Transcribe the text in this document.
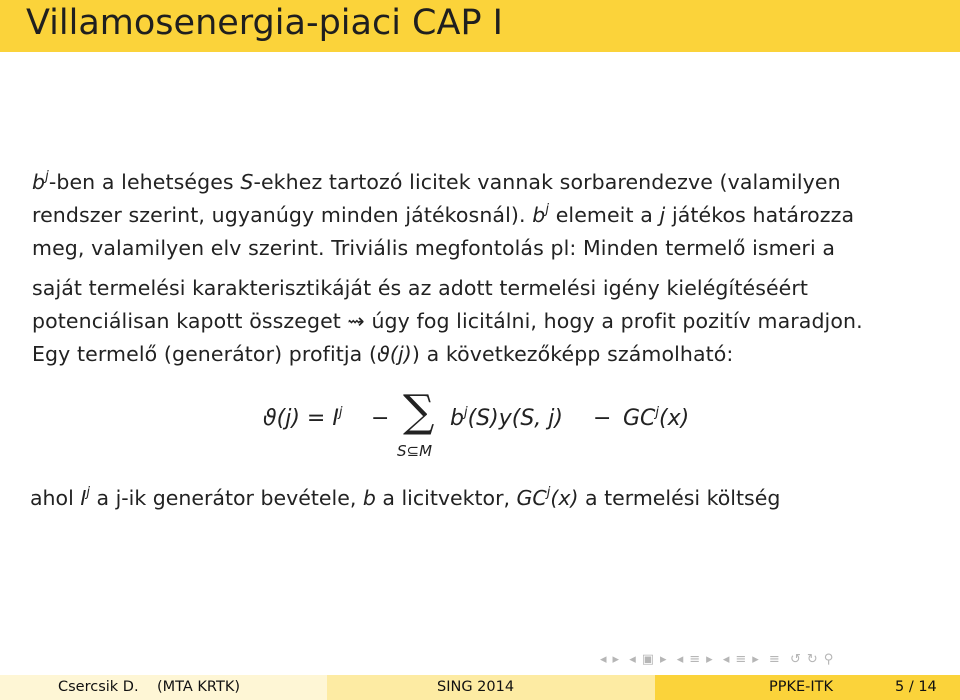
Villamosenergia-piaci CAP I
$b^j$-ben a lehetséges S-ekhez tartozó licitek vannak sorbarendezve (valamilyen
rendszer szerint, ugyanúgy minden játékosnál). $b^j$ elemeit a j játékos határozza
meg, valamilyen elv szerint. Triviális megfontolás pl: Minden termelő ismeri a
saját termelési karakterisztikáját és az adott termelési igény kielégítéséért
potenciálisan kapott összeget ⇝ úgy fog licitálni, hogy a profit pozitív maradjon.
Egy termelő (generátor) profitja (ϑ(j)) a következőképp számolható:
$ϑ(j) = I^j$ − ∑
S⊆M
$b^j(S)y(S$, $j) - GC^j(x)$
ahol $I^j$ a j-ik generátor bevétele, b a licitvektor, $GC^j(x)$ a termelési költség
◂ ▸ ◂ ▣ ▸ ◂ ≡ ▸ ◂ ≡ ▸ ≡ ↺ ↻ ⚲
Csercsik D. (MTA KRTK)	SING 2014	PPKE-ITK	5 / 14
